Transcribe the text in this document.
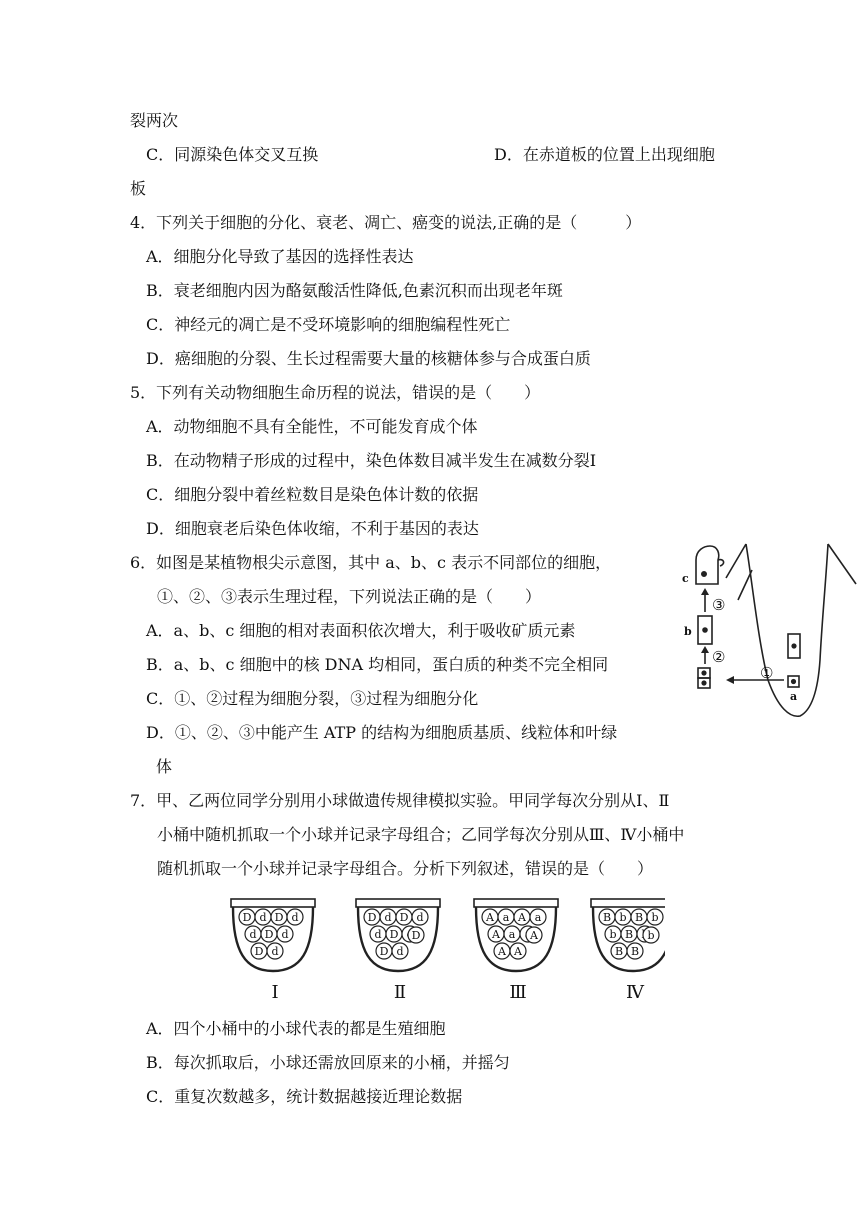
裂两次
C．同源染色体交叉互换	D．在赤道板的位置上出现细胞
板
4．下列关于细胞的分化、衰老、凋亡、癌变的说法,正确的是（　　　）
A．细胞分化导致了基因的选择性表达
B．衰老细胞内因为酪氨酸活性降低,色素沉积而出现老年斑
C．神经元的凋亡是不受环境影响的细胞编程性死亡
D．癌细胞的分裂、生长过程需要大量的核糖体参与合成蛋白质
5．下列有关动物细胞生命历程的说法，错误的是（　　）
A．动物细胞不具有全能性，不可能发育成个体
B．在动物精子形成的过程中，染色体数目减半发生在减数分裂Ⅰ
C．细胞分裂中着丝粒数目是染色体计数的依据
D．细胞衰老后染色体收缩，不利于基因的表达
6．如图是某植物根尖示意图，其中 a、b、c 表示不同部位的细胞，
①、②、③表示生理过程，下列说法正确的是（　　）
A．a、b、c 细胞的相对表面积依次增大，利于吸收矿质元素
B．a、b、c 细胞中的核 DNA 均相同，蛋白质的种类不完全相同
C．①、②过程为细胞分裂，③过程为细胞分化
D．①、②、③中能产生 ATP 的结构为细胞质基质、线粒体和叶绿
体
7．甲、乙两位同学分别用小球做遗传规律模拟实验。甲同学每次分别从Ⅰ、Ⅱ
小桶中随机抓取一个小球并记录字母组合；乙同学每次分别从Ⅲ、Ⅳ小桶中
随机抓取一个小球并记录字母组合。分析下列叙述，错误的是（　　）
A．四个小桶中的小球代表的都是生殖细胞
B．每次抓取后，小球还需放回原来的小桶，并摇匀
C．重复次数越多，统计数据越接近理论数据
c
b
a
①
②
③
D d D d
d D d
D d
Ⅰ
D d D d
d D
D d
D
Ⅱ
A a A a
A a
A A
A
Ⅲ
B b B b
b B
B B
b
Ⅳ
